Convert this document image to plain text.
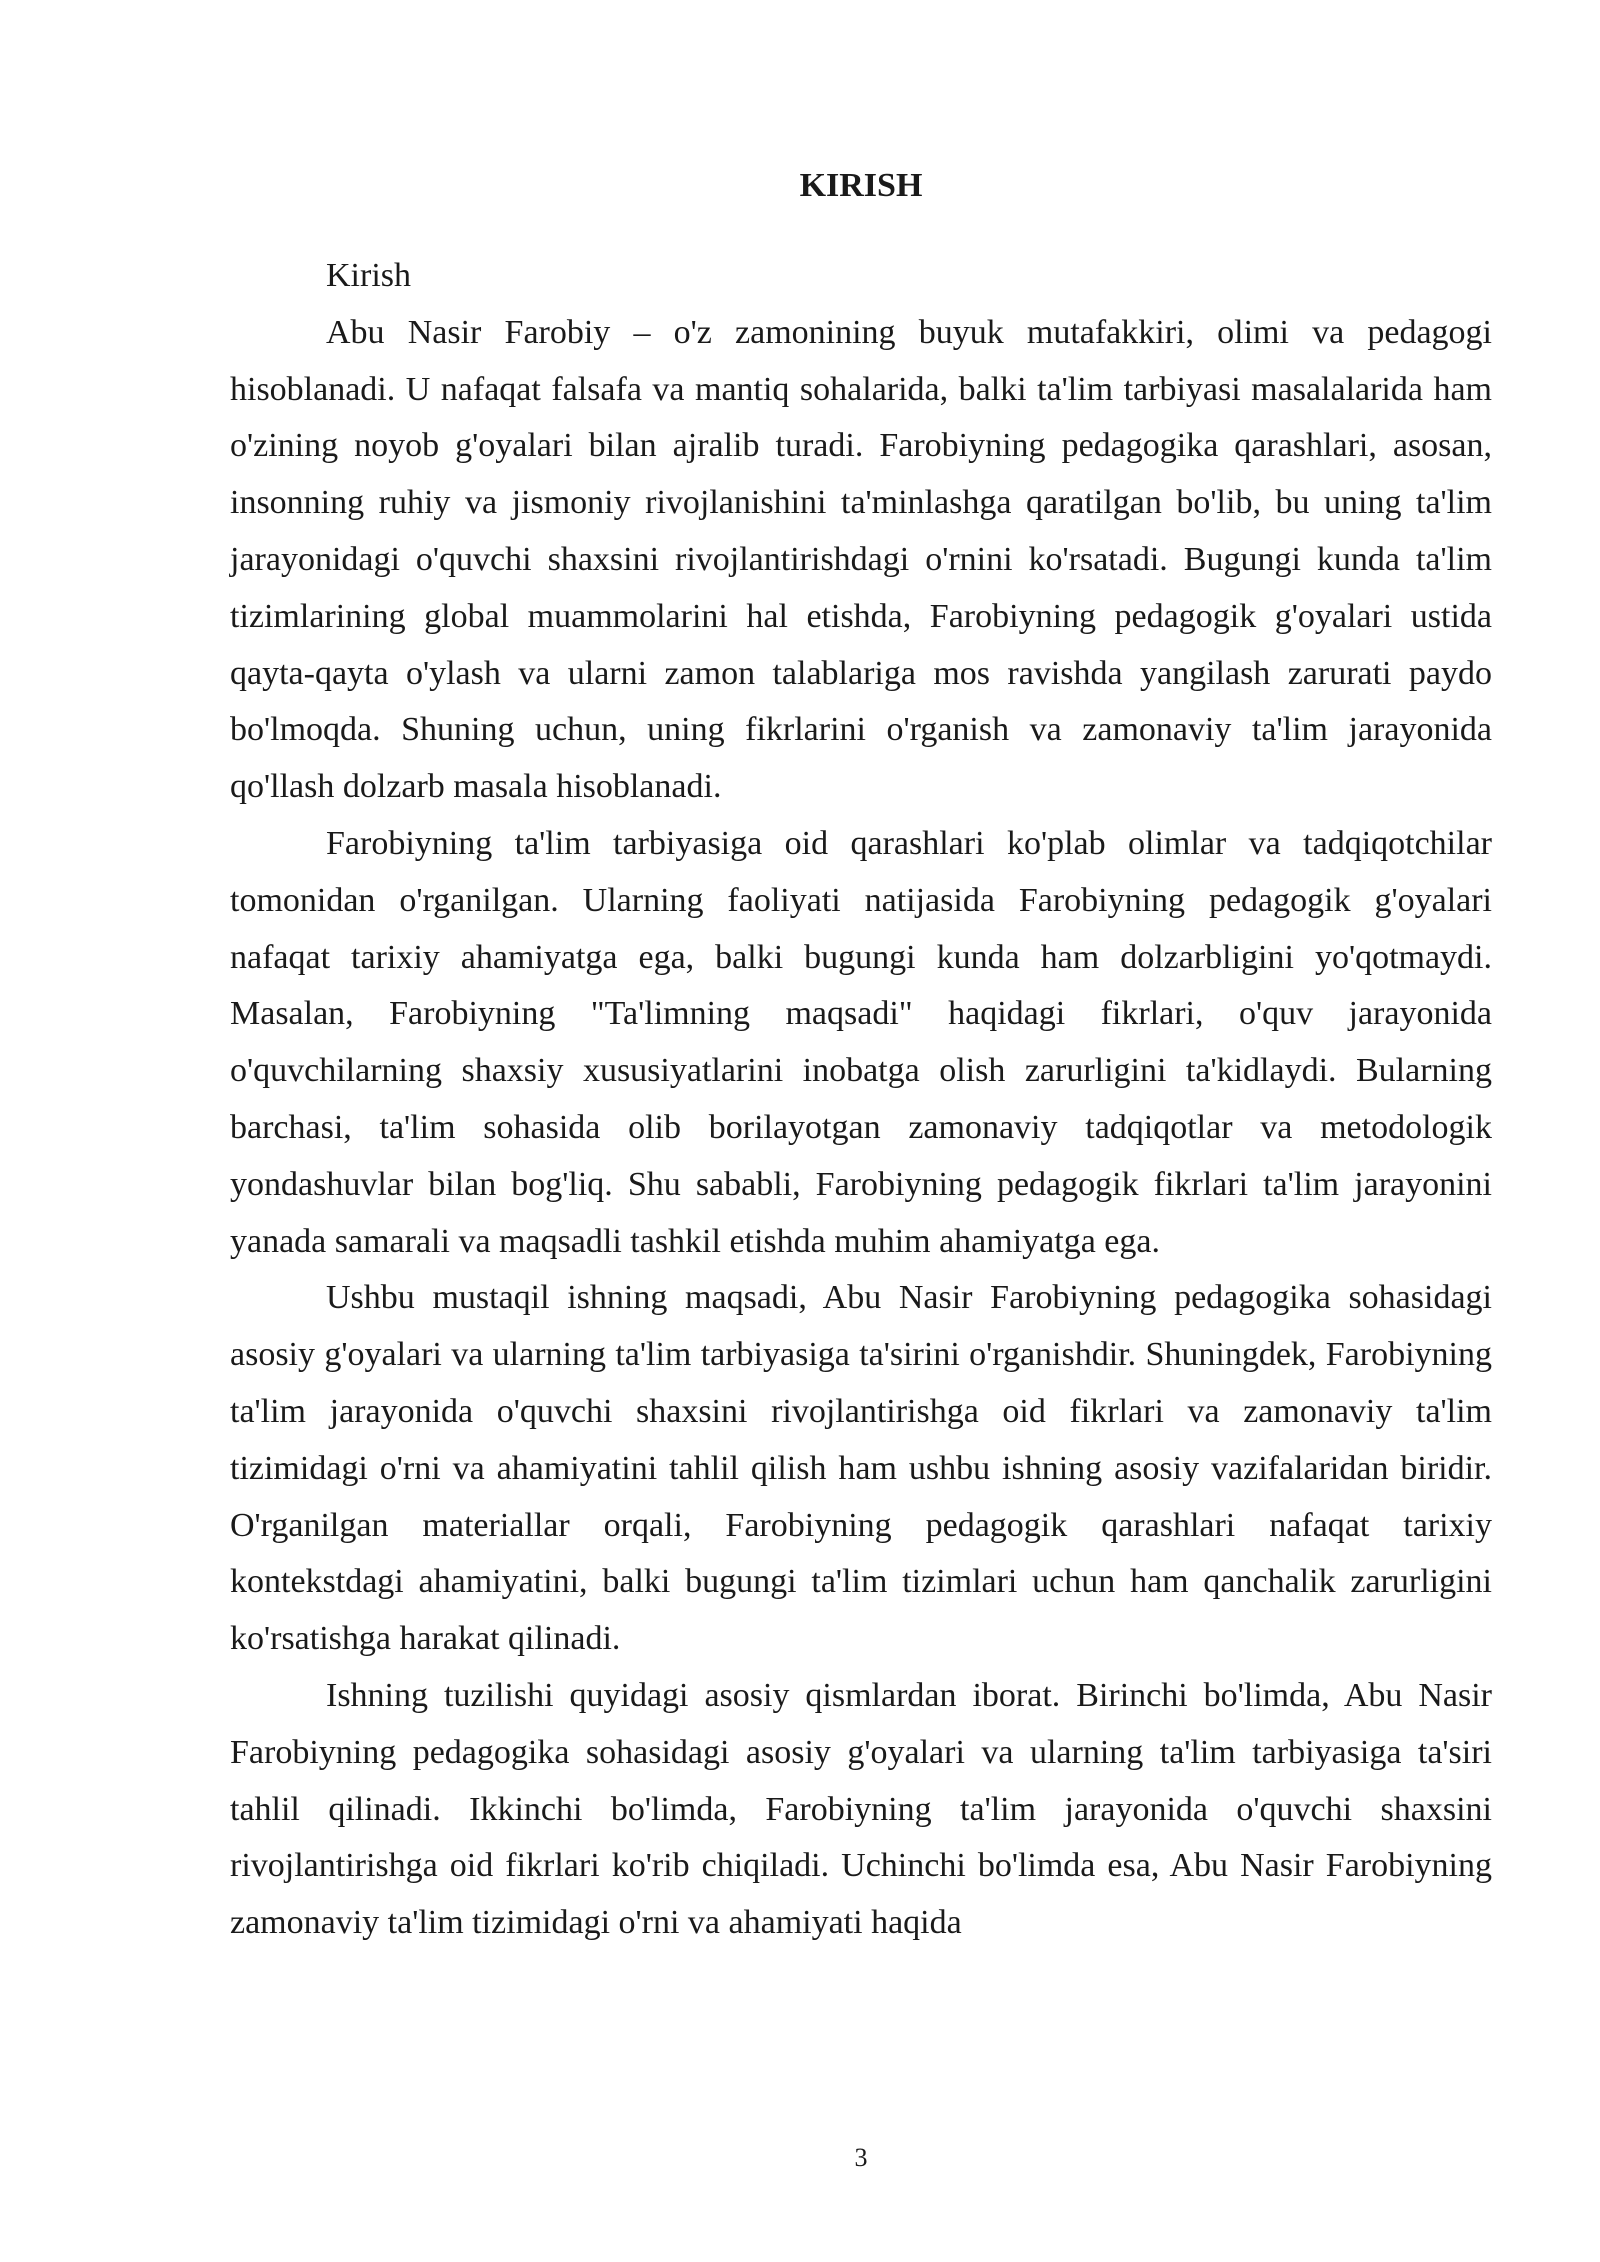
KIRISH

Kirish

Abu Nasir Farobiy – o'z zamonining buyuk mutafakkiri, olimi va pedagogi hisoblanadi. U nafaqat falsafa va mantiq sohalarida, balki ta'lim tarbiyasi masalalarida ham o'zining noyob g'oyalari bilan ajralib turadi. Farobiyning pedagogika qarashlari, asosan, insonning ruhiy va jismoniy rivojlanishini ta'minlashga qaratilgan bo'lib, bu uning ta'lim jarayonidagi o'quvchi shaxsini rivojlantirishdagi o'rnini ko'rsatadi. Bugungi kunda ta'lim tizimlarining global muammolarini hal etishda, Farobiyning pedagogik g'oyalari ustida qayta-qayta o'ylash va ularni zamon talablariga mos ravishda yangilash zarurati paydo bo'lmoqda. Shuning uchun, uning fikrlarini o'rganish va zamonaviy ta'lim jarayonida qo'llash dolzarb masala hisoblanadi.

Farobiyning ta'lim tarbiyasiga oid qarashlari ko'plab olimlar va tadqiqotchilar tomonidan o'rganilgan. Ularning faoliyati natijasida Farobiyning pedagogik g'oyalari nafaqat tarixiy ahamiyatga ega, balki bugungi kunda ham dolzarbligini yo'qotmaydi. Masalan, Farobiyning "Ta'limning maqsadi" haqidagi fikrlari, o'quv jarayonida o'quvchilarning shaxsiy xususiyatlarini inobatga olish zarurligini ta'kidlaydi. Bularning barchasi, ta'lim sohasida olib borilayotgan zamonaviy tadqiqotlar va metodologik yondashuvlar bilan bog'liq. Shu sababli, Farobiyning pedagogik fikrlari ta'lim jarayonini yanada samarali va maqsadli tashkil etishda muhim ahamiyatga ega.

Ushbu mustaqil ishning maqsadi, Abu Nasir Farobiyning pedagogika sohasidagi asosiy g'oyalari va ularning ta'lim tarbiyasiga ta'sirini o'rganishdir. Shuningdek, Farobiyning ta'lim jarayonida o'quvchi shaxsini rivojlantirishga oid fikrlari va zamonaviy ta'lim tizimidagi o'rni va ahamiyatini tahlil qilish ham ushbu ishning asosiy vazifalaridan biridir. O'rganilgan materiallar orqali, Farobiyning pedagogik qarashlari nafaqat tarixiy kontekstdagi ahamiyatini, balki bugungi ta'lim tizimlari uchun ham qanchalik zarurligini ko'rsatishga harakat qilinadi.

Ishning tuzilishi quyidagi asosiy qismlardan iborat. Birinchi bo'limda, Abu Nasir Farobiyning pedagogika sohasidagi asosiy g'oyalari va ularning ta'lim tarbiyasiga ta'siri tahlil qilinadi. Ikkinchi bo'limda, Farobiyning ta'lim jarayonida o'quvchi shaxsini rivojlantirishga oid fikrlari ko'rib chiqiladi. Uchinchi bo'limda esa, Abu Nasir Farobiyning zamonaviy ta'lim tizimidagi o'rni va ahamiyati haqida

3
